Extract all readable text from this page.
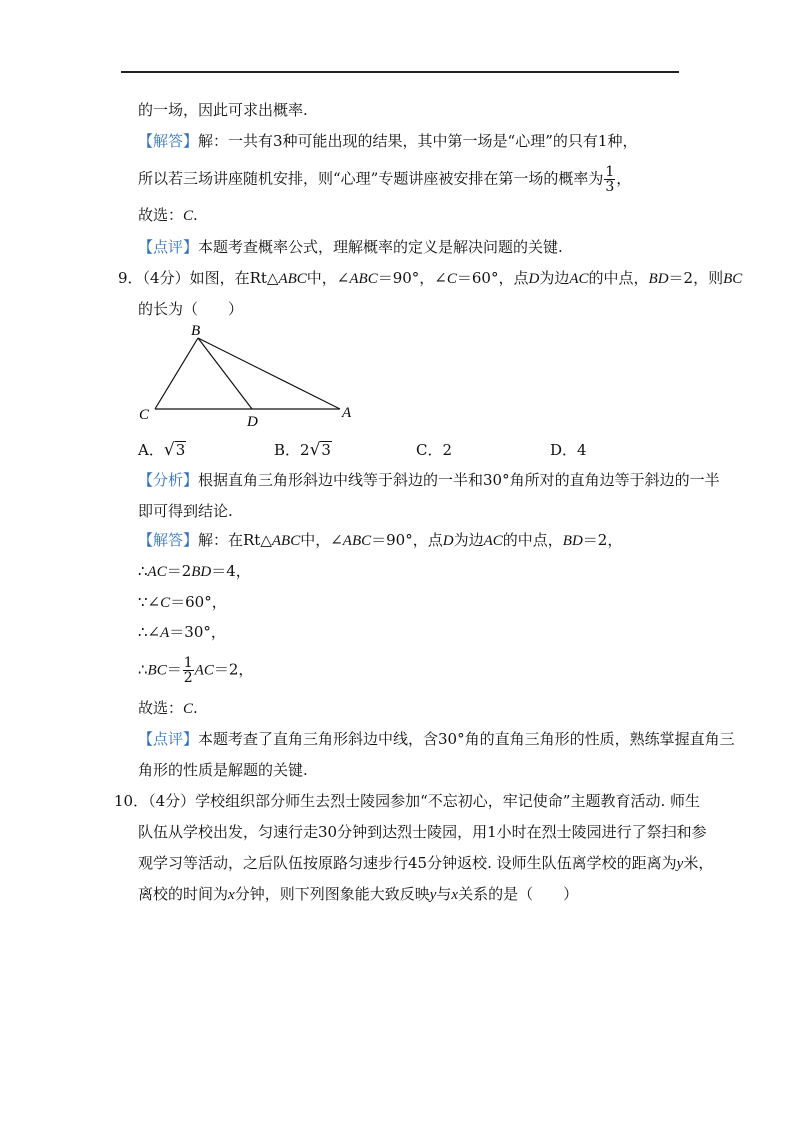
的一场，因此可求出概率.
【解答】解：一共有3种可能出现的结果，其中第一场是“心理”的只有1种，
所以若三场讲座随机安排，则“心理”专题讲座被安排在第一场的概率为 $\frac{1}{3}$ ，
故选：C.
【点评】本题考查概率公式，理解概率的定义是解决问题的关键.
9．（4分）如图，在Rt△ABC中，∠ABC＝90°，∠C＝60°，点D为边AC的中点，BD＝2，则BC
的长为（　　）
B
C	D
A
A．√3	B．2√3	C．2	D．4
【分析】根据直角三角形斜边中线等于斜边的一半和30°角所对的直角边等于斜边的一半
即可得到结论.
【解答】解：在Rt△ABC中，∠ABC＝90°，点D为边AC的中点，BD＝2，
∴AC＝2BD＝4，
∵∠C＝60°，
∴∠A＝30°，
∴BC＝ $\frac{1}{2} AC=2$，
故选：C.
【点评】本题考查了直角三角形斜边中线，含30°角的直角三角形的性质，熟练掌握直角三
角形的性质是解题的关键.
10．（4分）学校组织部分师生去烈士陵园参加“不忘初心，牢记使命”主题教育活动. 师生
队伍从学校出发，匀速行走30分钟到达烈士陵园，用1小时在烈士陵园进行了祭扫和参
观学习等活动，之后队伍按原路匀速步行45分钟返校. 设师生队伍离学校的距离为y米，
离校的时间为x分钟，则下列图象能大致反映y与x关系的是（　　）
